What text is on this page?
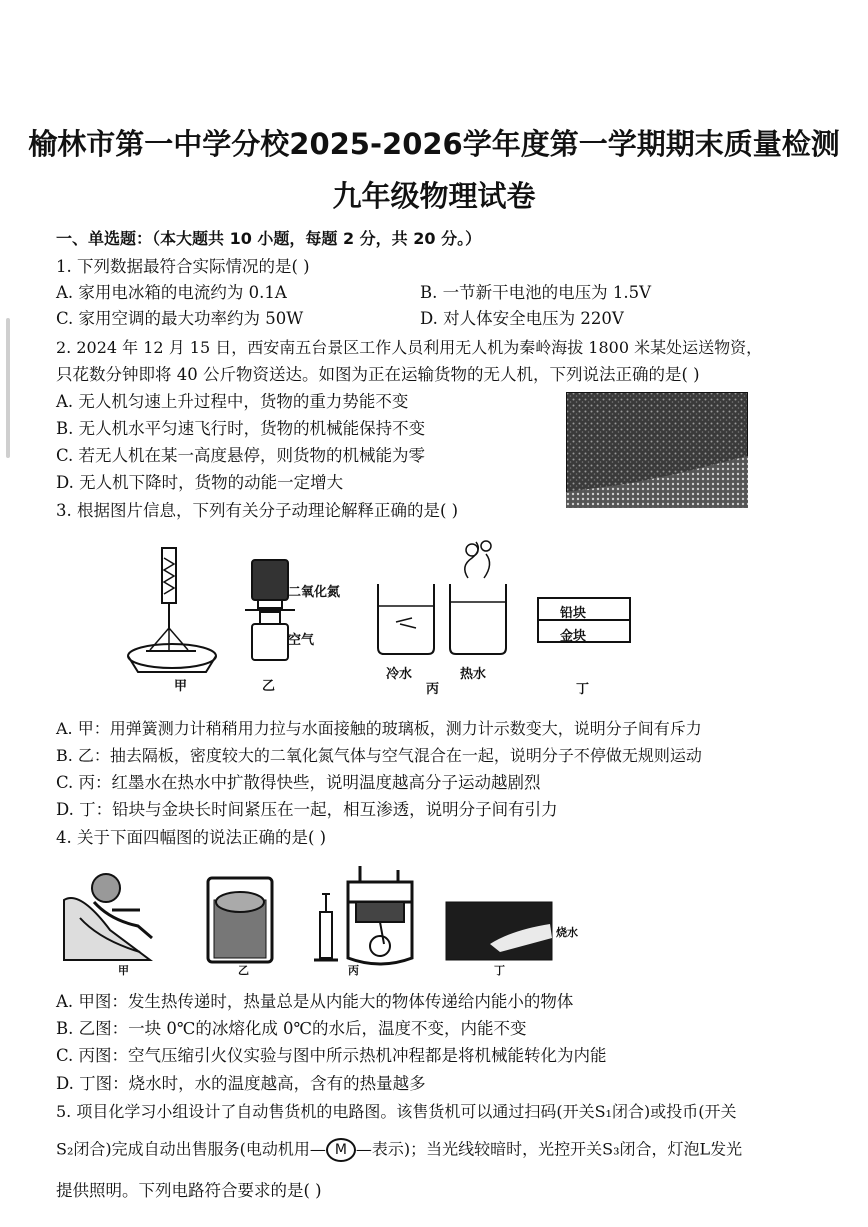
榆林市第一中学分校2025-2026学年度第一学期期末质量检测
九年级物理试卷
一、单选题：（本大题共 10 小题，每题 2 分，共 20 分。）
1. 下列数据最符合实际情况的是( )
A. 家用电冰箱的电流约为 0.1A	B. 一节新干电池的电压为 1.5V
C. 家用空调的最大功率约为 50W	D. 对人体安全电压为 220V
2. 2024 年 12 月 15 日，西安南五台景区工作人员利用无人机为秦岭海拔 1800 米某处运送物资，
只花数分钟即将 40 公斤物资送达。如图为正在运输货物的无人机，下列说法正确的是( )
A. 无人机匀速上升过程中，货物的重力势能不变
B. 无人机水平匀速飞行时，货物的机械能保持不变
C. 若无人机在某一高度悬停，则货物的机械能为零
D. 无人机下降时，货物的动能一定增大
3. 根据图片信息，下列有关分子动理论解释正确的是( )
二氧化氮
空气
冷水	热水
铅块
金块
甲	乙	丙	丁
A. 甲：用弹簧测力计稍稍用力拉与水面接触的玻璃板，测力计示数变大，说明分子间有斥力
B. 乙：抽去隔板，密度较大的二氧化氮气体与空气混合在一起，说明分子不停做无规则运动
C. 丙：红墨水在热水中扩散得快些，说明温度越高分子运动越剧烈
D. 丁：铅块与金块长时间紧压在一起，相互渗透，说明分子间有引力
4. 关于下面四幅图的说法正确的是( )
甲	乙	丙	丁
烧水
A. 甲图：发生热传递时，热量总是从内能大的物体传递给内能小的物体
B. 乙图：一块 0℃的冰熔化成 0℃的水后，温度不变，内能不变
C. 丙图：空气压缩引火仪实验与图中所示热机冲程都是将机械能转化为内能
D. 丁图：烧水时，水的温度越高，含有的热量越多
5. 项目化学习小组设计了自动售货机的电路图。该售货机可以通过扫码(开关S₁闭合)或投币(开关
S₂闭合)完成自动出售服务(电动机用— M —表示)；当光线较暗时，光控开关S₃闭合，灯泡L发光
提供照明。下列电路符合要求的是( )
